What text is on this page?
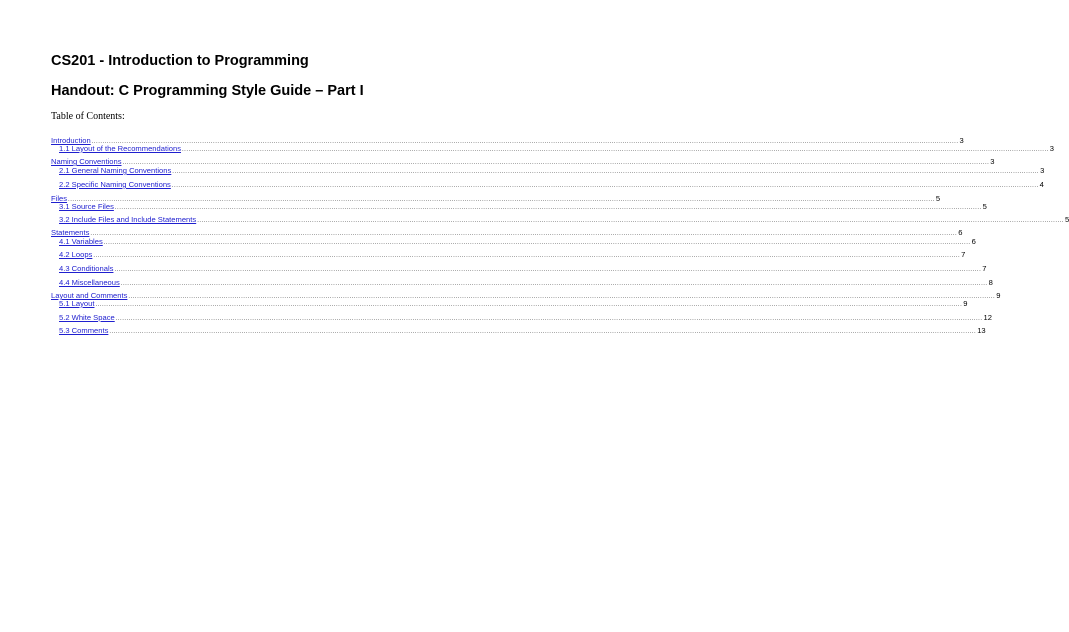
CS201 - Introduction to Programming
Handout: C Programming Style Guide – Part I
Table of Contents:
Introduction ................................................................................................................................................................................................................................................................................................................................................................................................................ 3
1.1 Layout of the Recommendations ................................................................................................................................................................................................................................................................................................................................................................................................................ 3
Naming Conventions ................................................................................................................................................................................................................................................................................................................................................................................................................ 3
2.1 General Naming Conventions ................................................................................................................................................................................................................................................................................................................................................................................................................ 3
2.2 Specific Naming Conventions ................................................................................................................................................................................................................................................................................................................................................................................................................ 4
Files ................................................................................................................................................................................................................................................................................................................................................................................................................ 5
3.1 Source Files ................................................................................................................................................................................................................................................................................................................................................................................................................ 5
3.2 Include Files and Include Statements ................................................................................................................................................................................................................................................................................................................................................................................................................ 5
Statements ................................................................................................................................................................................................................................................................................................................................................................................................................ 6
4.1 Variables ................................................................................................................................................................................................................................................................................................................................................................................................................ 6
4.2 Loops ................................................................................................................................................................................................................................................................................................................................................................................................................ 7
4.3 Conditionals ................................................................................................................................................................................................................................................................................................................................................................................................................ 7
4.4 Miscellaneous ................................................................................................................................................................................................................................................................................................................................................................................................................ 8
Layout and Comments ................................................................................................................................................................................................................................................................................................................................................................................................................ 9
5.1 Layout ................................................................................................................................................................................................................................................................................................................................................................................................................ 9
5.2 White Space ................................................................................................................................................................................................................................................................................................................................................................................................................ 12
5.3 Comments ................................................................................................................................................................................................................................................................................................................................................................................................................ 13
